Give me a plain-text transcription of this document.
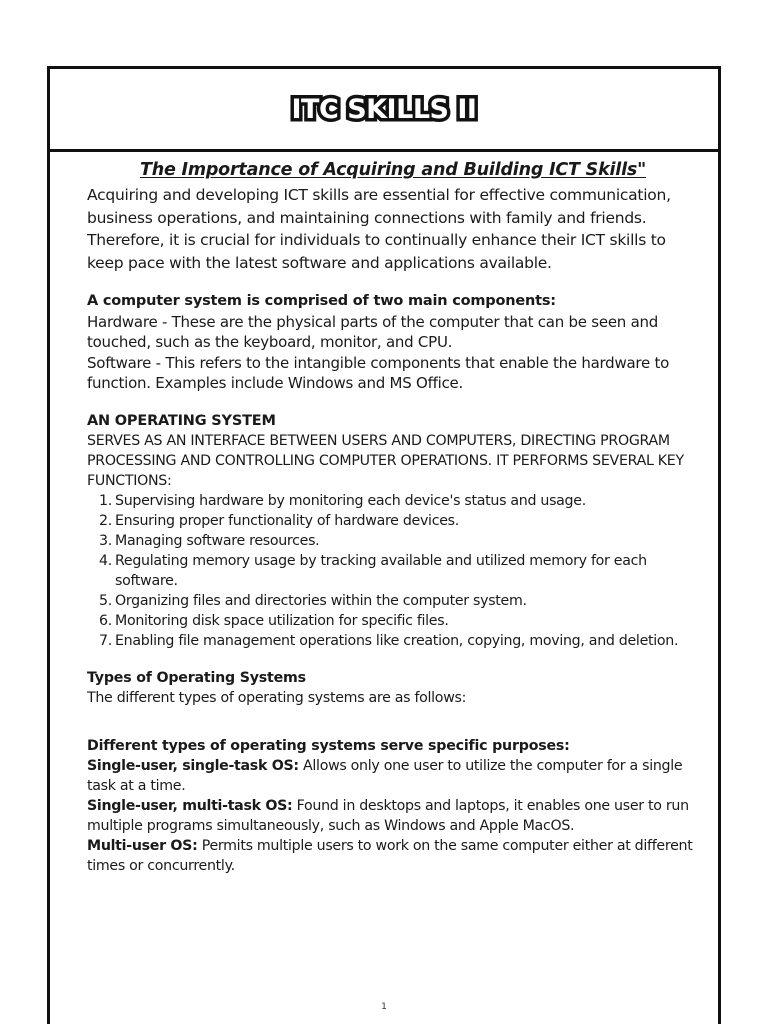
ITC SKILLS II

The Importance of Acquiring and Building ICT Skills"

Acquiring and developing ICT skills are essential for effective communication, business operations, and maintaining connections with family and friends. Therefore, it is crucial for individuals to continually enhance their ICT skills to keep pace with the latest software and applications available.

A computer system is comprised of two main components:

Hardware - These are the physical parts of the computer that can be seen and touched, such as the keyboard, monitor, and CPU.

Software - This refers to the intangible components that enable the hardware to function. Examples include Windows and MS Office.

AN OPERATING SYSTEM

SERVES AS AN INTERFACE BETWEEN USERS AND COMPUTERS, DIRECTING PROGRAM PROCESSING AND CONTROLLING COMPUTER OPERATIONS. IT PERFORMS SEVERAL KEY FUNCTIONS:

1. Supervising hardware by monitoring each device's status and usage.
2. Ensuring proper functionality of hardware devices.
3. Managing software resources.
4. Regulating memory usage by tracking available and utilized memory for each software.
5. Organizing files and directories within the computer system.
6. Monitoring disk space utilization for specific files.
7. Enabling file management operations like creation, copying, moving, and deletion.

Types of Operating Systems

The different types of operating systems are as follows:

Different types of operating systems serve specific purposes:

Single-user, single-task OS: Allows only one user to utilize the computer for a single task at a time.

Single-user, multi-task OS: Found in desktops and laptops, it enables one user to run multiple programs simultaneously, such as Windows and Apple MacOS.

Multi-user OS: Permits multiple users to work on the same computer either at different times or concurrently.

1
